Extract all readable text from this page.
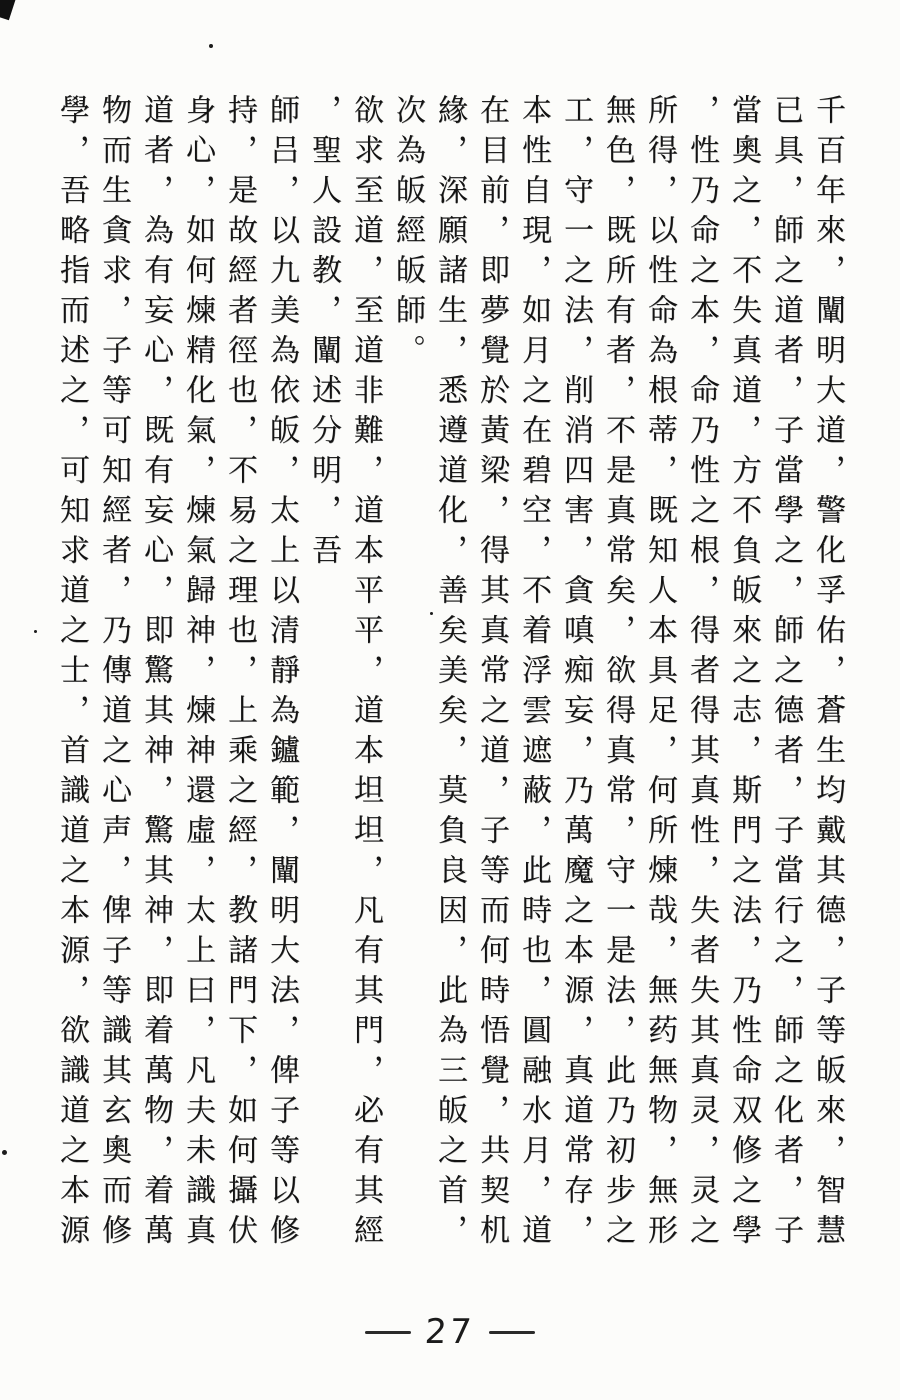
千百年來，闡明大道，警化孚佑，蒼生均戴其德，子等皈來，智慧
已具，師之道者，子當學之，師之德者，子當行之，師之化者，子
當奧之，不失真道，方不負皈來之志，斯門之法，乃性命双修之學
，性乃命之本，命乃性之根，得者得其真性，失者失其真灵，灵之
所得，以性命為根蒂，既知人本具足，何所煉哉，無药無物，無形
無色，既所有者，不是真常矣，欲得真常，守一是法，此乃初步之
工，守一之法，削消四害，貪嗔痴妄，乃萬魔之本源，真道常存，
本性自現，如月之在碧空，不着浮雲遮蔽，此時也，圓融水月，道
在目前，即夢覺於黃梁，得其真常之道，子等而何時悟覺，共契机
緣，深願諸生，悉遵道化，善矣美矣，莫負良因，此為三皈之首，
次為皈經皈師。
欲求至道，至道非難，道本平平，道本坦坦，凡有其門，必有其經
，聖人設教，闡述分明，吾
師吕，以九美為依皈，太上以清靜為鑪範，闡明大法，俾子等以修
持，是故經者徑也，不易之理也，上乘之經，教諸門下，如何攝伏
身心，如何煉精化氣，煉氣歸神，煉神還虛，太上曰，凡夫未識真
道者，為有妄心，既有妄心，即驚其神，驚其神，即着萬物，着萬
物而生貪求，子等可知經者，乃傳道之心声，俾子等識其玄奧而修
學，吾略指而述之，可知求道之士，首識道之本源，欲識道之本源
27
